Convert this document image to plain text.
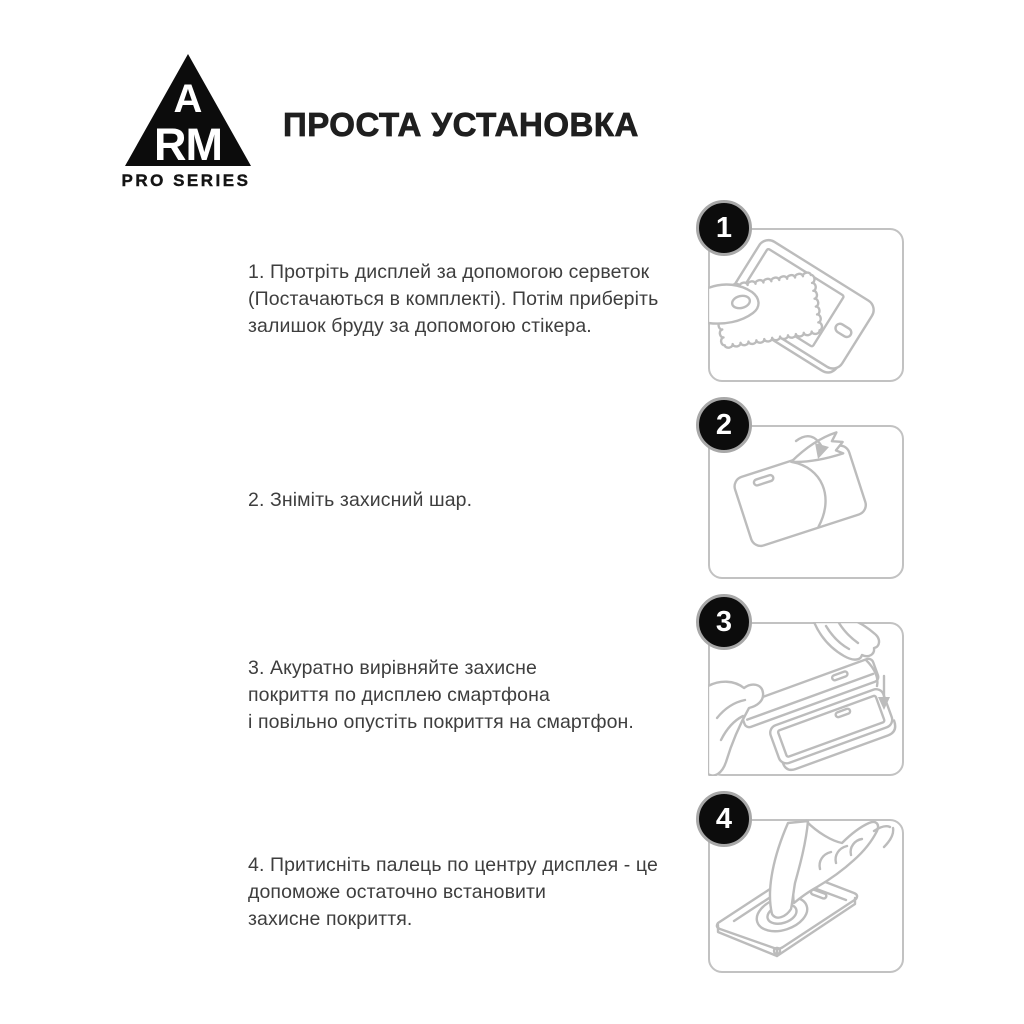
A
RM
PRO SERIES
ПРОСТА УСТАНОВКА
1. Протріть дисплей за допомогою серветок
(Постачаються в комплекті). Потім приберіть
залишок бруду за допомогою стікера.
2. Зніміть захисний шар.
3. Акуратно вирівняйте захисне
покриття по дисплею смартфона
і повільно опустіть покриття на смартфон.
4. Притисніть палець по центру дисплея - це
допоможе остаточно встановити
захисне покриття.
1
2
3
4
